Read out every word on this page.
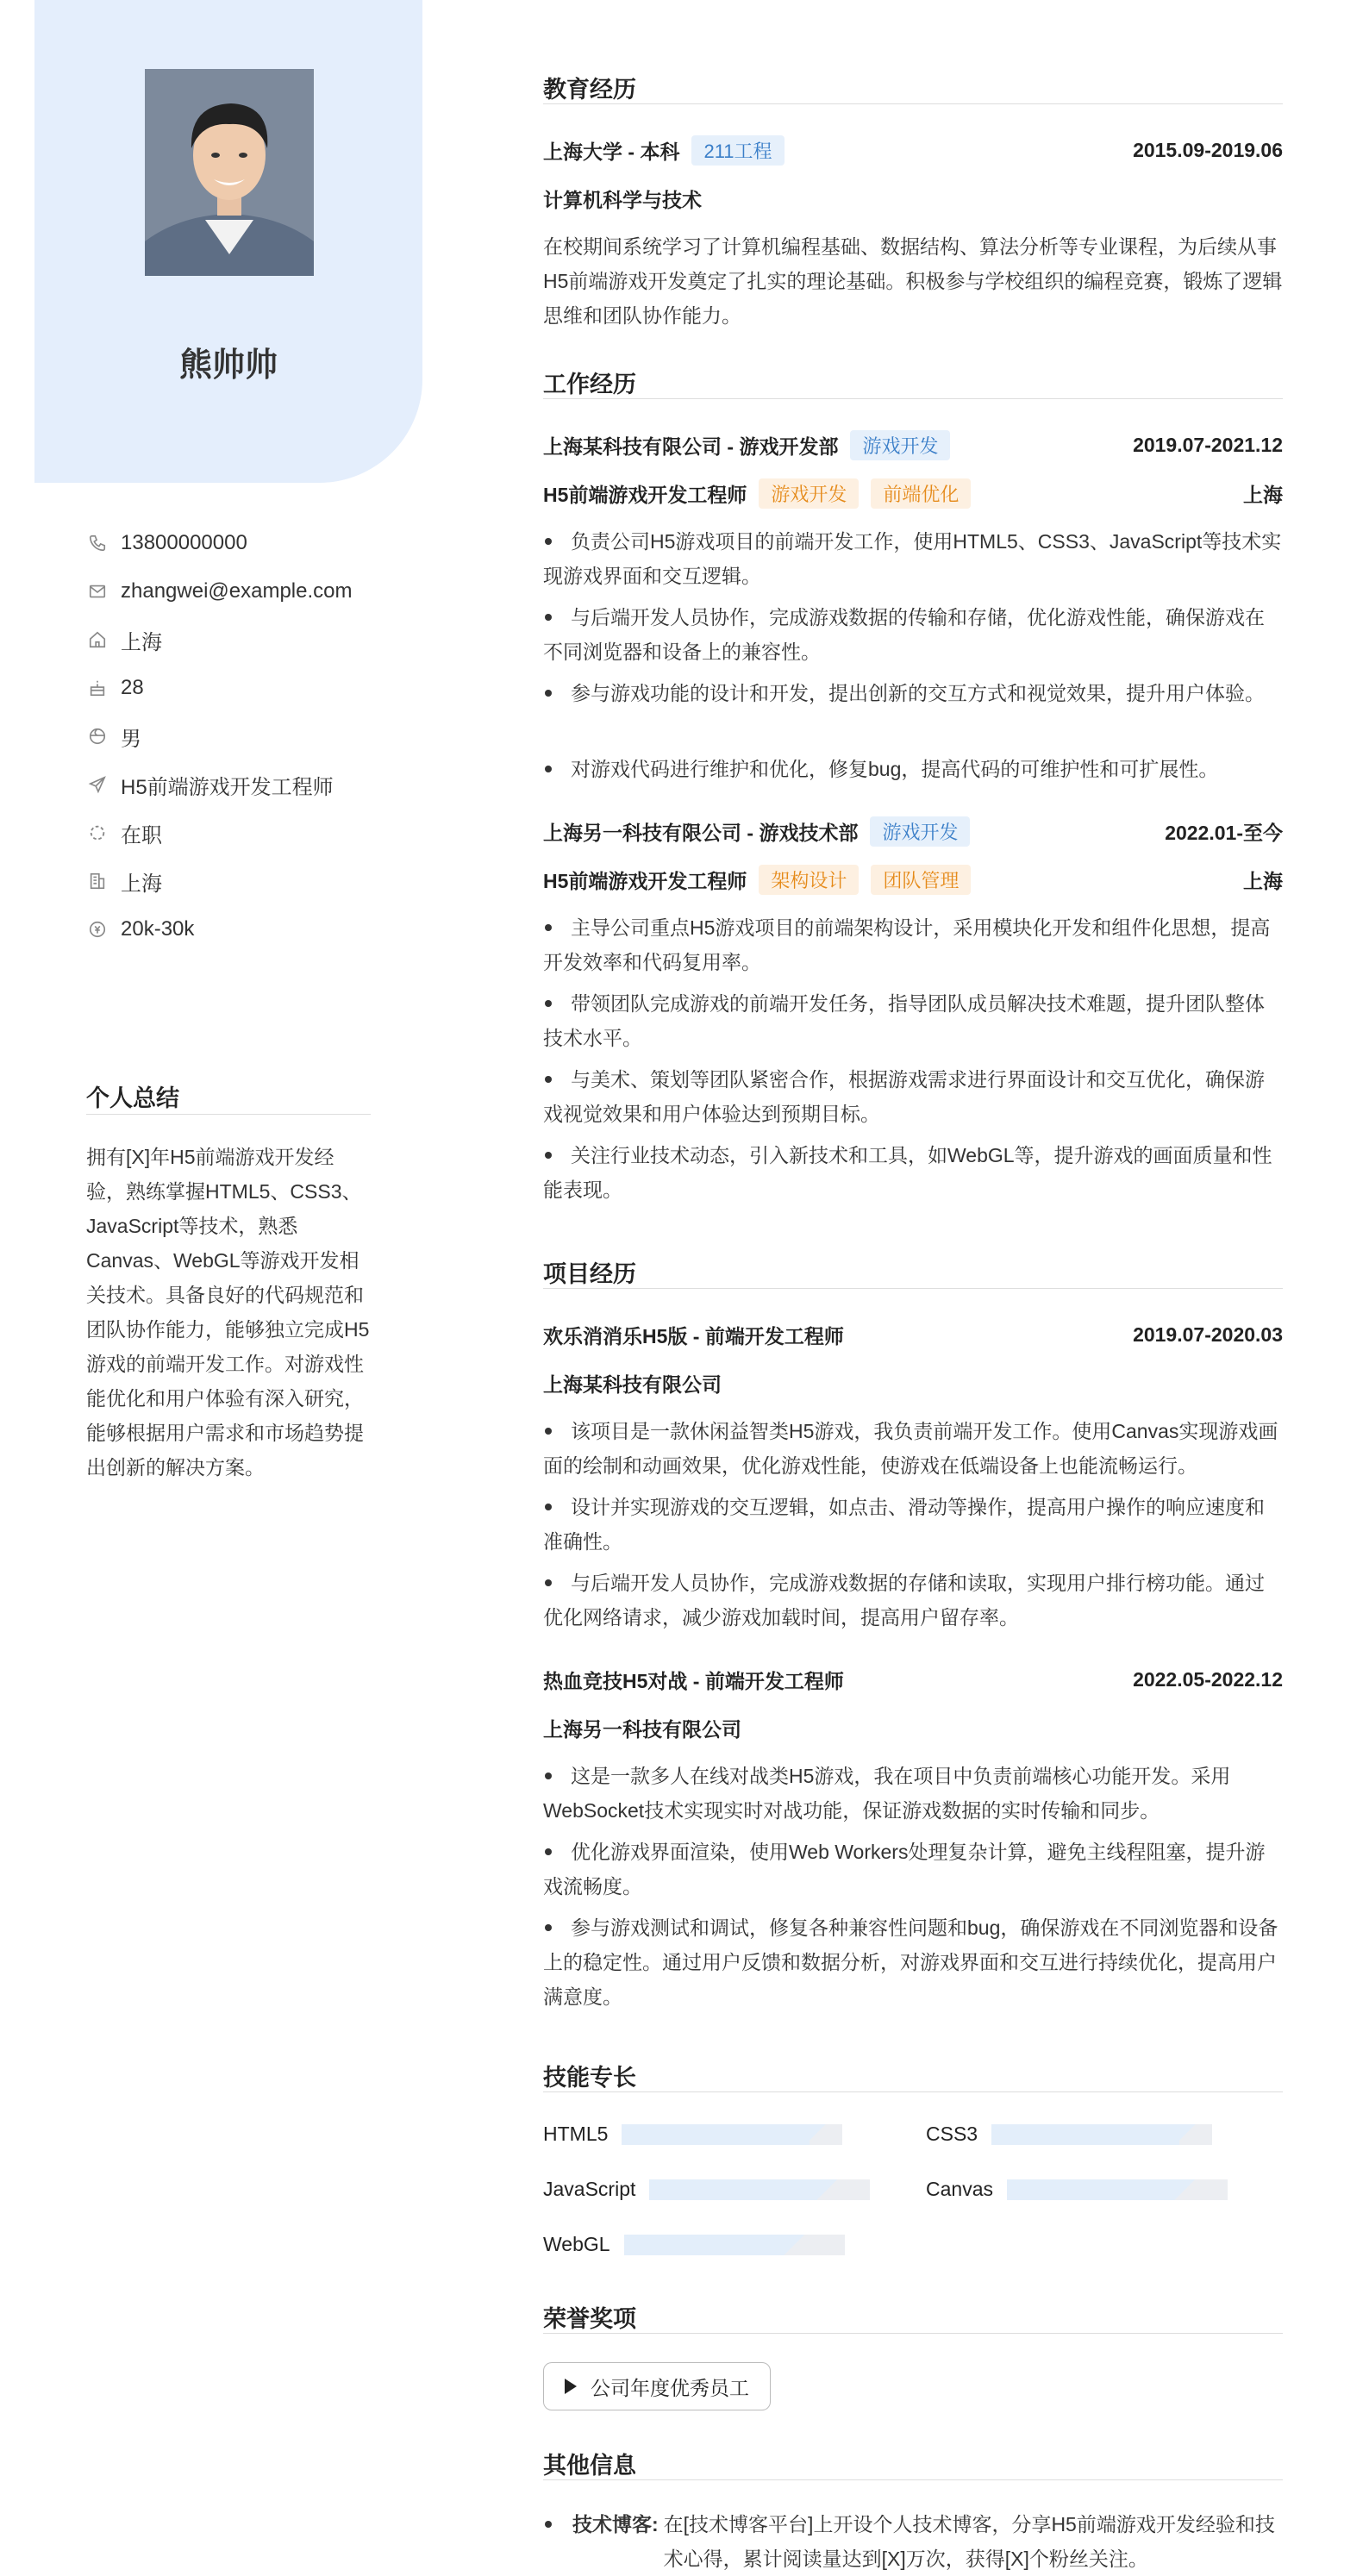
熊帅帅
13800000000
zhangwei@example.com
上海
28
男
H5前端游戏开发工程师
在职
上海
20k-30k
个人总结
拥有[X]年H5前端游戏开发经验，熟练掌握HTML5、CSS3、JavaScript等技术，熟悉Canvas、WebGL等游戏开发相关技术。具备良好的代码规范和团队协作能力，能够独立完成H5游戏的前端开发工作。对游戏性能优化和用户体验有深入研究，能够根据用户需求和市场趋势提出创新的解决方案。
教育经历
上海大学 - 本科	211工程	2015.09-2019.06
计算机科学与技术
在校期间系统学习了计算机编程基础、数据结构、算法分析等专业课程，为后续从事H5前端游戏开发奠定了扎实的理论基础。积极参与学校组织的编程竞赛，锻炼了逻辑思维和团队协作能力。
工作经历
上海某科技有限公司 - 游戏开发部	游戏开发	2019.07-2021.12
H5前端游戏开发工程师	游戏开发	前端优化	上海
负责公司H5游戏项目的前端开发工作，使用HTML5、CSS3、JavaScript等技术实现游戏界面和交互逻辑。
与后端开发人员协作，完成游戏数据的传输和存储，优化游戏性能，确保游戏在不同浏览器和设备上的兼容性。
参与游戏功能的设计和开发，提出创新的交互方式和视觉效果，提升用户体验。
对游戏代码进行维护和优化，修复bug，提高代码的可维护性和可扩展性。
上海另一科技有限公司 - 游戏技术部	游戏开发	2022.01-至今
H5前端游戏开发工程师	架构设计	团队管理	上海
主导公司重点H5游戏项目的前端架构设计，采用模块化开发和组件化思想，提高开发效率和代码复用率。
带领团队完成游戏的前端开发任务，指导团队成员解决技术难题，提升团队整体技术水平。
与美术、策划等团队紧密合作，根据游戏需求进行界面设计和交互优化，确保游戏视觉效果和用户体验达到预期目标。
关注行业技术动态，引入新技术和工具，如WebGL等，提升游戏的画面质量和性能表现。
项目经历
欢乐消消乐H5版 - 前端开发工程师	2019.07-2020.03
上海某科技有限公司
该项目是一款休闲益智类H5游戏，我负责前端开发工作。使用Canvas实现游戏画面的绘制和动画效果，优化游戏性能，使游戏在低端设备上也能流畅运行。
设计并实现游戏的交互逻辑，如点击、滑动等操作，提高用户操作的响应速度和准确性。
与后端开发人员协作，完成游戏数据的存储和读取，实现用户排行榜功能。通过优化网络请求，减少游戏加载时间，提高用户留存率。
热血竞技H5对战 - 前端开发工程师	2022.05-2022.12
上海另一科技有限公司
这是一款多人在线对战类H5游戏，我在项目中负责前端核心功能开发。采用WebSocket技术实现实时对战功能，保证游戏数据的实时传输和同步。
优化游戏界面渲染，使用Web Workers处理复杂计算，避免主线程阻塞，提升游戏流畅度。
参与游戏测试和调试，修复各种兼容性问题和bug，确保游戏在不同浏览器和设备上的稳定性。通过用户反馈和数据分析，对游戏界面和交互进行持续优化，提高用户满意度。
技能专长
HTML5	CSS3
JavaScript	Canvas
WebGL
荣誉奖项
公司年度优秀员工
其他信息
技术博客: 在[技术博客平台]上开设个人技术博客，分享H5前端游戏开发经验和技术心得，累计阅读量达到[X]万次，获得[X]个粉丝关注。
